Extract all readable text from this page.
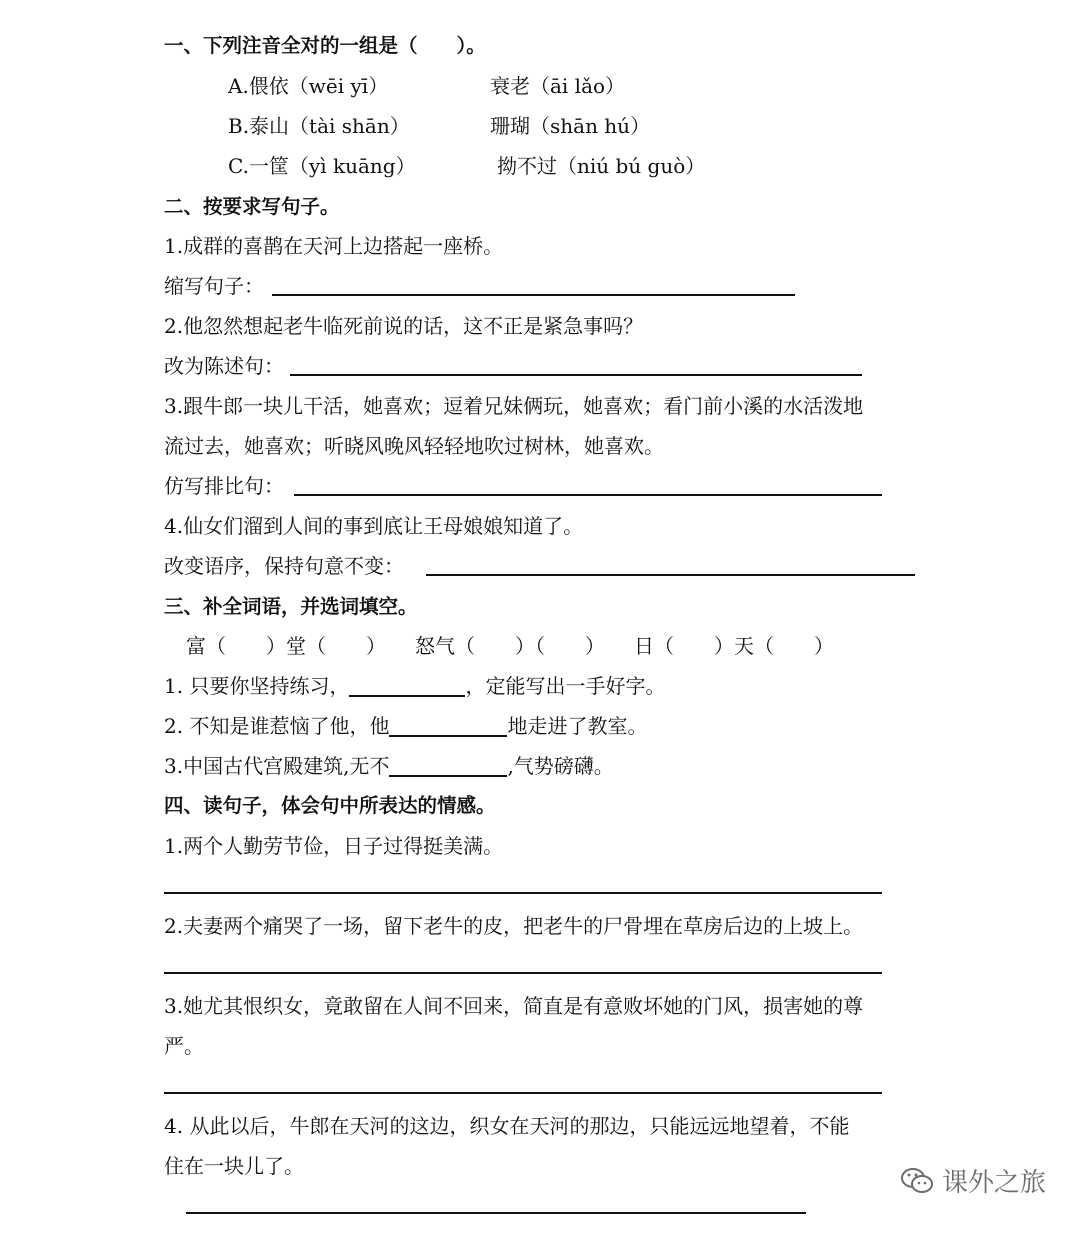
一、下列注音全对的一组是（　　）。
A.偎依（wēi yī）	衰老（āi lǎo）
B.泰山（tài shān）	珊瑚（shān hú）
C.一筐（yì kuāng）	拗不过（niú bú guò）
二、按要求写句子。
1.成群的喜鹊在天河上边搭起一座桥。
缩写句子：
2.他忽然想起老牛临死前说的话，这不正是紧急事吗？
改为陈述句：
3.跟牛郎一块儿干活，她喜欢；逗着兄妹俩玩，她喜欢；看门前小溪的水活泼地
流过去，她喜欢；听晓风晚风轻轻地吹过树林，她喜欢。
仿写排比句：
4.仙女们溜到人间的事到底让王母娘娘知道了。
改变语序，保持句意不变：
三、补全词语，并选词填空。
富（　　）堂（　　） 怒气（　　）（　　） 日（　　）天（　　）
1. 只要你坚持练习，	，定能写出一手好字。
2. 不知是谁惹恼了他，他	地走进了教室。
3.中国古代宫殿建筑,无不	,气势磅礴。
四、读句子，体会句中所表达的情感。
1.两个人勤劳节俭，日子过得挺美满。
2.夫妻两个痛哭了一场，留下老牛的皮，把老牛的尸骨埋在草房后边的上坡上。
3.她尤其恨织女，竟敢留在人间不回来，简直是有意败坏她的门风，损害她的尊
严。
4. 从此以后，牛郎在天河的这边，织女在天河的那边，只能远远地望着，不能
住在一块儿了。
课外之旅
